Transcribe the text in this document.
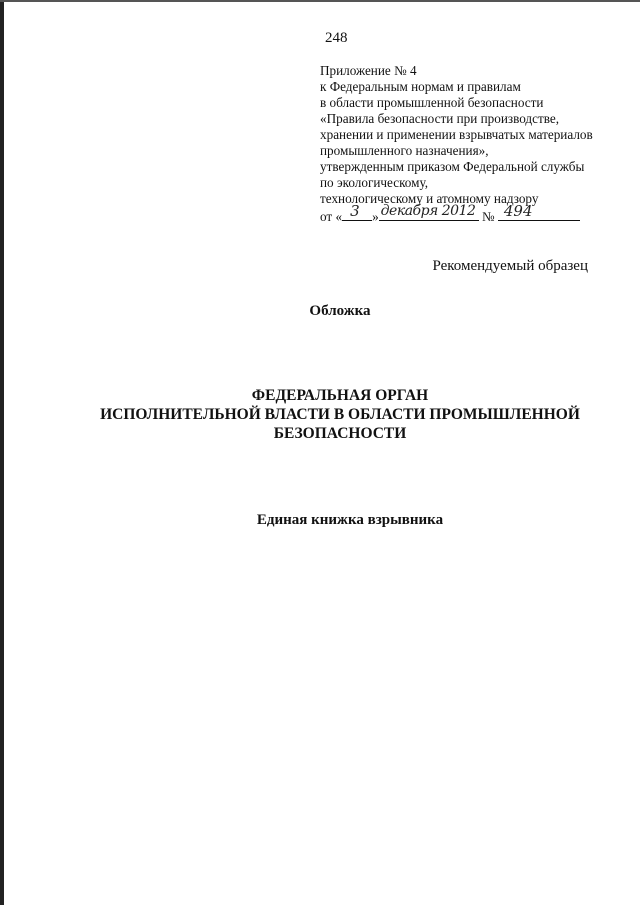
248
Приложение № 4
к Федеральным нормам и правилам
в области промышленной безопасности
«Правила безопасности при производстве,
хранении и применении взрывчатых материалов
промышленного назначения»,
утвержденным приказом Федеральной службы
по экологическому,
технологическому и атомному надзору
от « 3 » декабря 2012 № 494
Рекомендуемый образец
Обложка
ФЕДЕРАЛЬНАЯ ОРГАН
ИСПОЛНИТЕЛЬНОЙ ВЛАСТИ В ОБЛАСТИ ПРОМЫШЛЕННОЙ
БЕЗОПАСНОСТИ
Единая книжка взрывника
